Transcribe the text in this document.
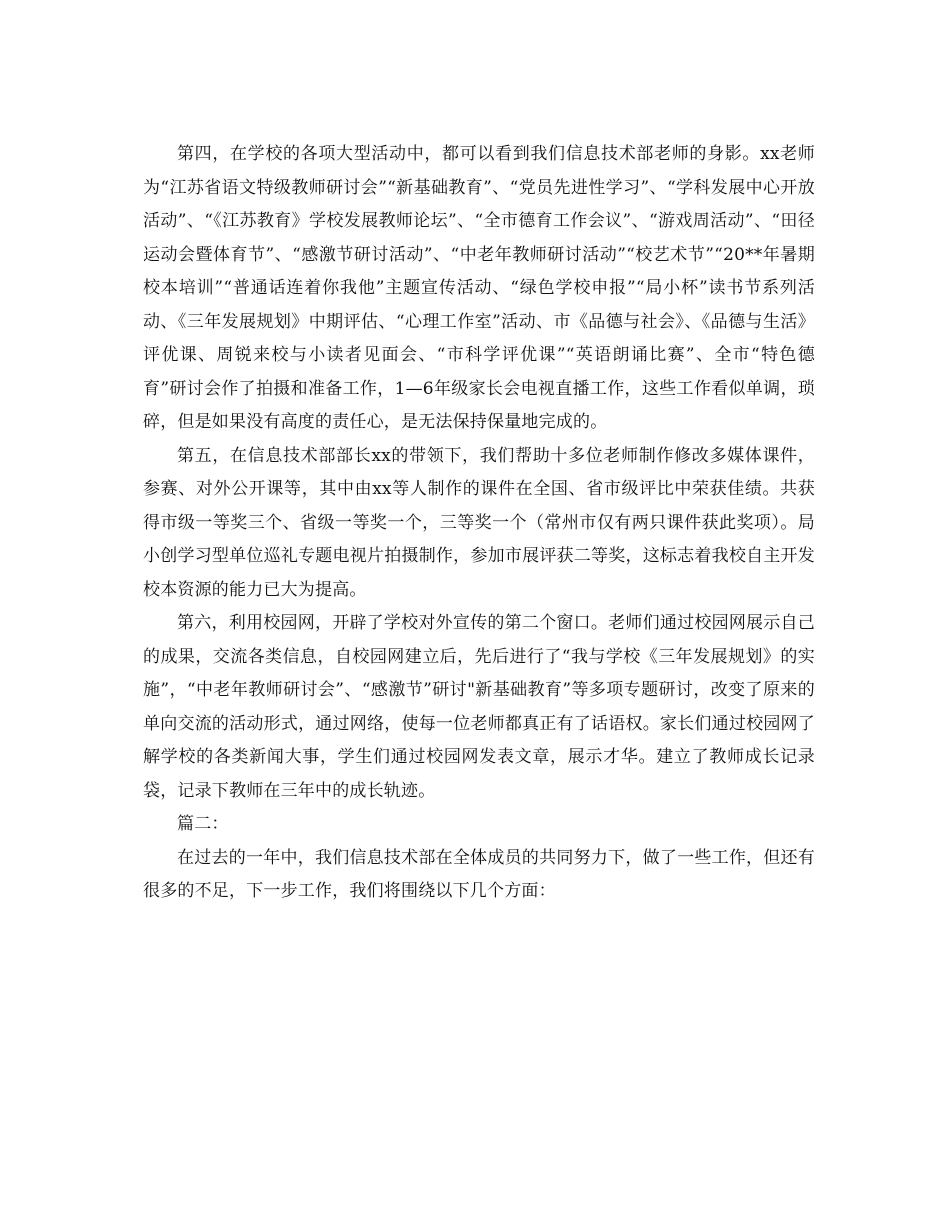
第四，在学校的各项大型活动中，都可以看到我们信息技术部老师的身影。xx老师为“江苏省语文特级教师研讨会”“新基础教育”、“党员先进性学习”、“学科发展中心开放活动”、“《江苏教育》学校发展教师论坛”、“全市德育工作会议”、“游戏周活动”、“田径运动会暨体育节”、“感激节研讨活动”、“中老年教师研讨活动”“校艺术节”“20**年暑期校本培训”“普通话连着你我他”主题宣传活动、“绿色学校申报”“局小杯”读书节系列活动、《三年发展规划》中期评估、“心理工作室”活动、市《品德与社会》、《品德与生活》评优课、周锐来校与小读者见面会、“市科学评优课”“英语朗诵比赛”、全市“特色德育”研讨会作了拍摄和准备工作，1—6年级家长会电视直播工作，这些工作看似单调，琐碎，但是如果没有高度的责任心，是无法保持保量地完成的。

第五，在信息技术部部长xx的带领下，我们帮助十多位老师制作修改多媒体课件，参赛、对外公开课等，其中由xx等人制作的课件在全国、省市级评比中荣获佳绩。共获得市级一等奖三个、省级一等奖一个，三等奖一个（常州市仅有两只课件获此奖项）。局小创学习型单位巡礼专题电视片拍摄制作，参加市展评获二等奖，这标志着我校自主开发校本资源的能力已大为提高。

第六，利用校园网，开辟了学校对外宣传的第二个窗口。老师们通过校园网展示自己的成果，交流各类信息，自校园网建立后，先后进行了“我与学校《三年发展规划》的实施”，“中老年教师研讨会”、“感激节”研讨"新基础教育”等多项专题研讨，改变了原来的单向交流的活动形式，通过网络，使每一位老师都真正有了话语权。家长们通过校园网了解学校的各类新闻大事，学生们通过校园网发表文章，展示才华。建立了教师成长记录袋，记录下教师在三年中的成长轨迹。

篇二：

在过去的一年中，我们信息技术部在全体成员的共同努力下，做了一些工作，但还有很多的不足，下一步工作，我们将围绕以下几个方面：
